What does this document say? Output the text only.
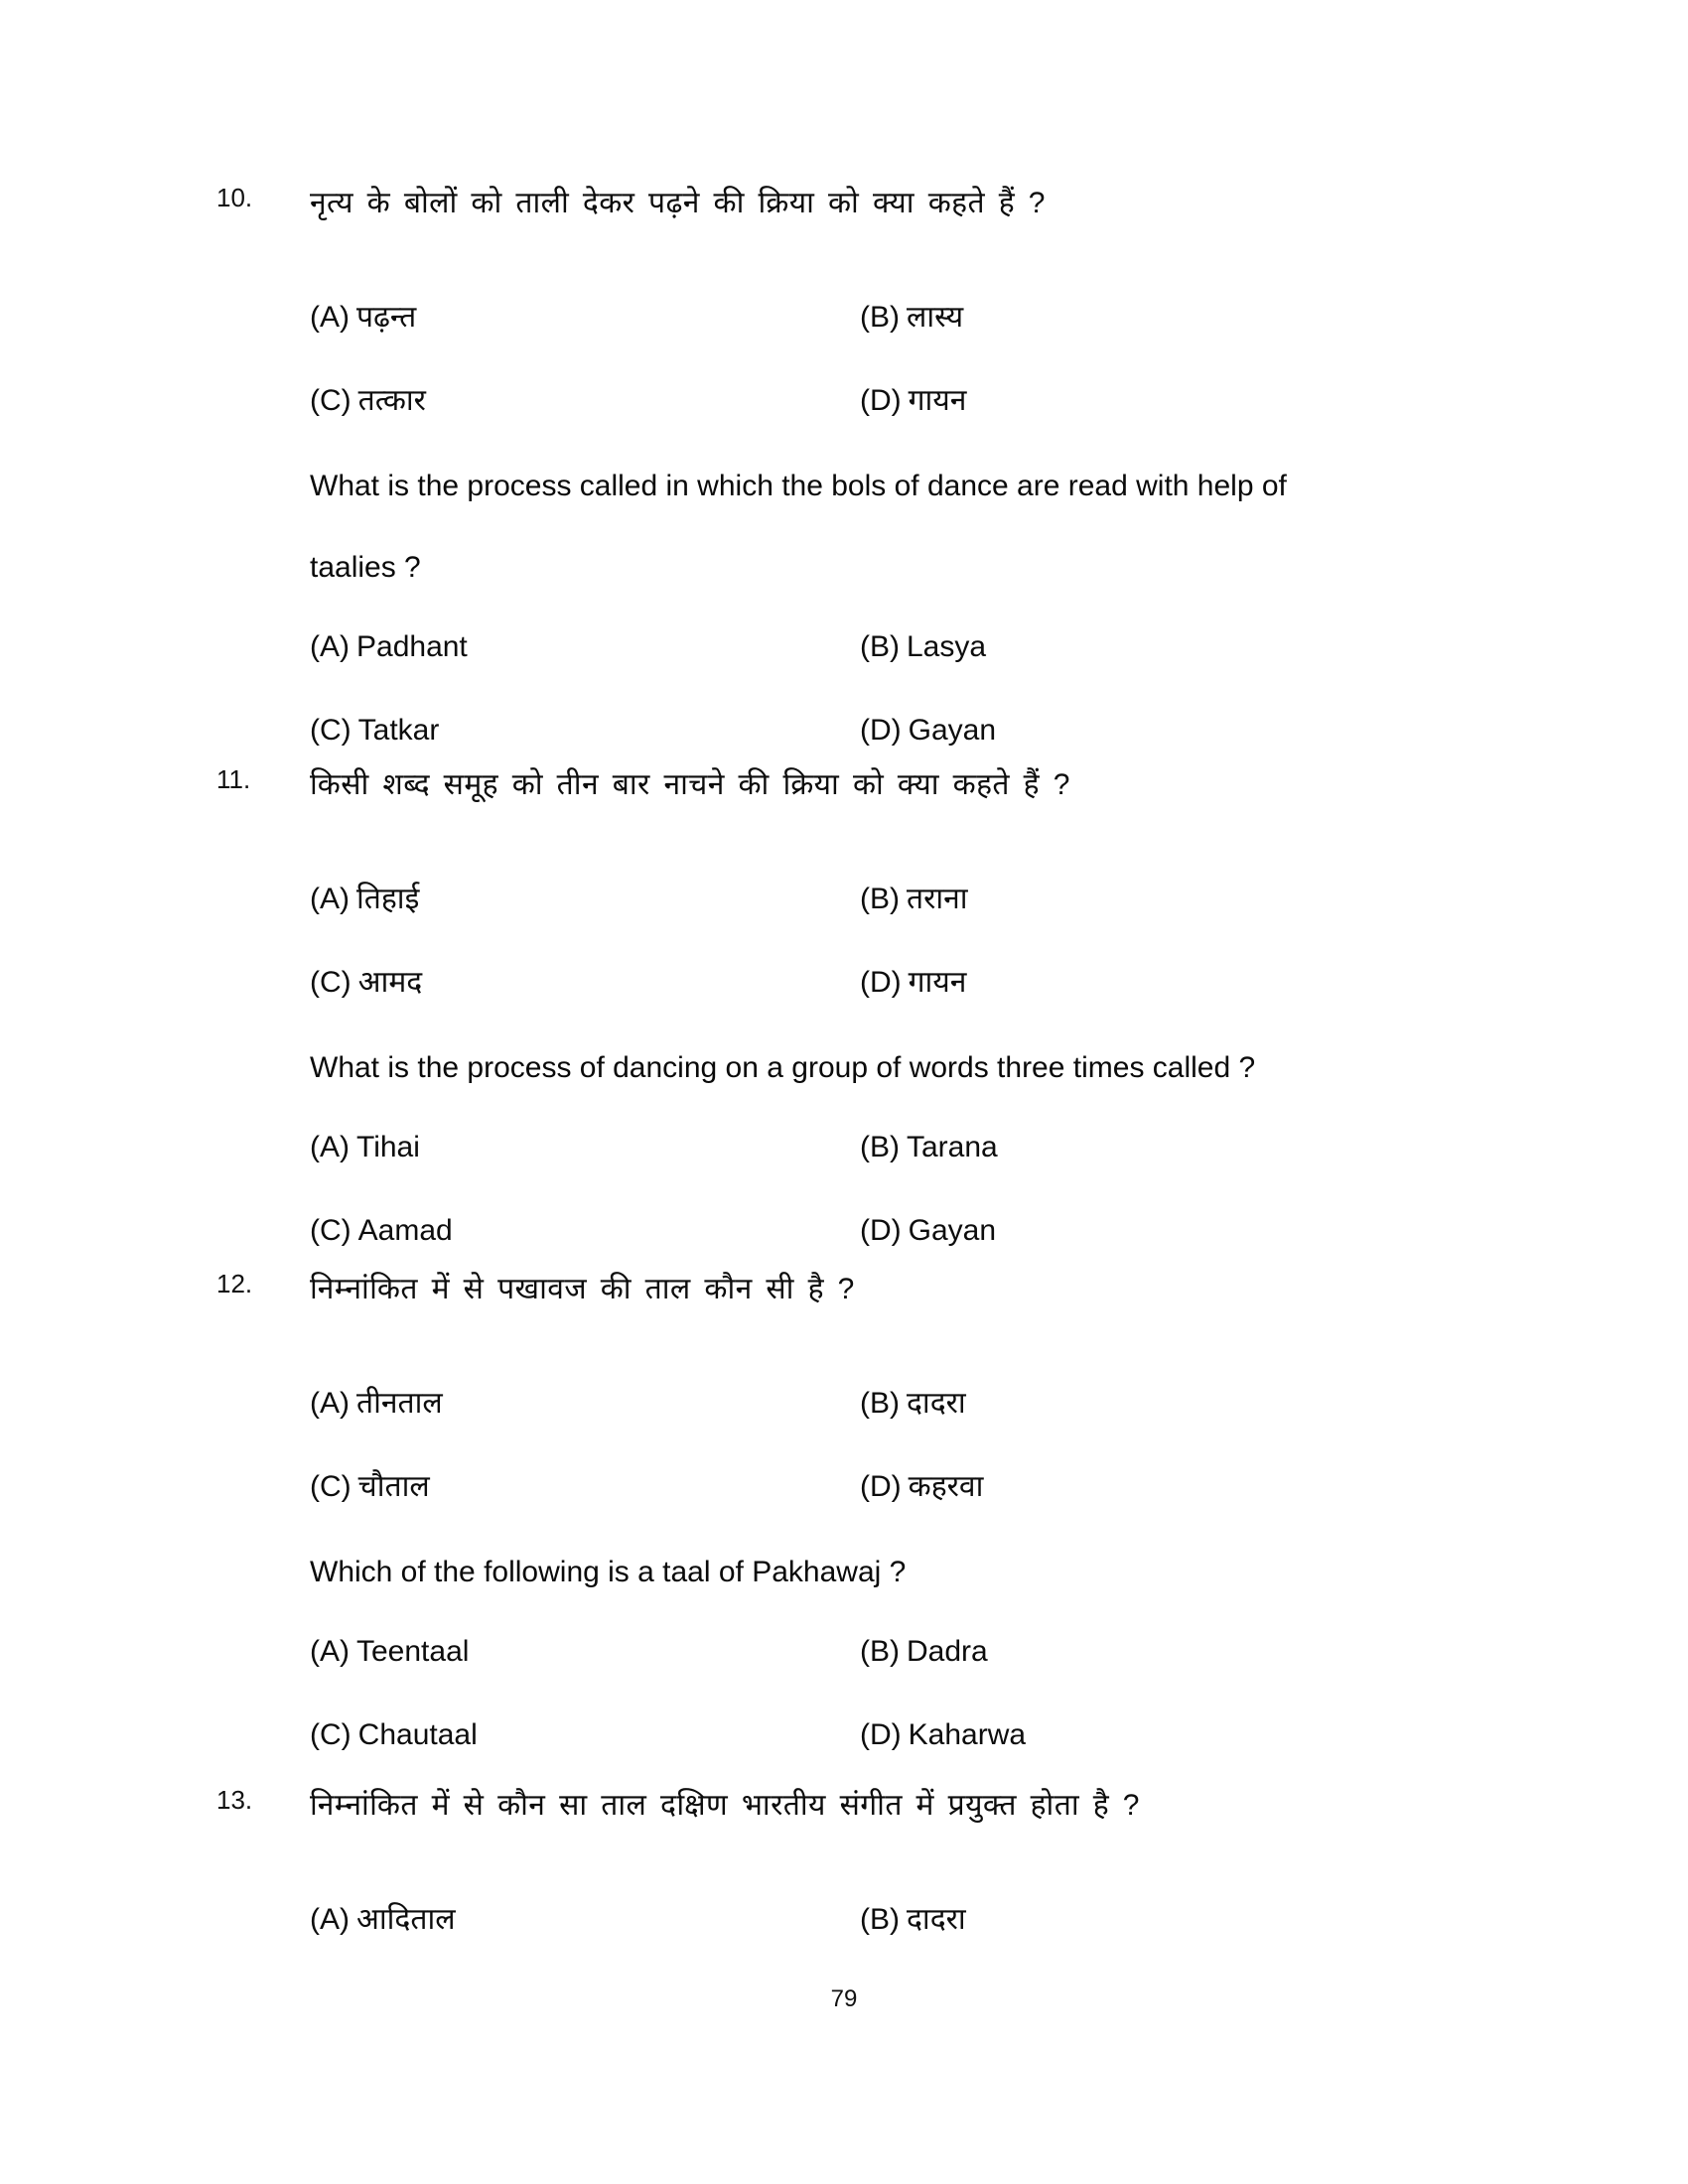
10.	नृत्य के बोलों को ताली देकर पढ़ने की क्रिया को क्या कहते हैं ?
(A) पढ़न्त	(B) लास्य
(C) तत्कार	(D) गायन
What is the process called in which the bols of dance are read with help of
taalies ?
(A) Padhant	(B) Lasya
(C) Tatkar	(D) Gayan
11.	किसी शब्द समूह को तीन बार नाचने की क्रिया को क्या कहते हैं ?
(A) तिहाई	(B) तराना
(C) आमद	(D) गायन
What is the process of dancing on a group of words three times called ?
(A) Tihai	(B) Tarana
(C) Aamad	(D) Gayan
12.	निम्नांकित में से पखावज की ताल कौन सी है ?
(A) तीनताल	(B) दादरा
(C) चौताल	(D) कहरवा
Which of the following is a taal of Pakhawaj ?
(A) Teentaal	(B) Dadra
(C) Chautaal	(D) Kaharwa
13.	निम्नांकित में से कौन सा ताल दक्षिण भारतीय संगीत में प्रयुक्त होता है ?
(A) आदिताल	(B) दादरा
79
